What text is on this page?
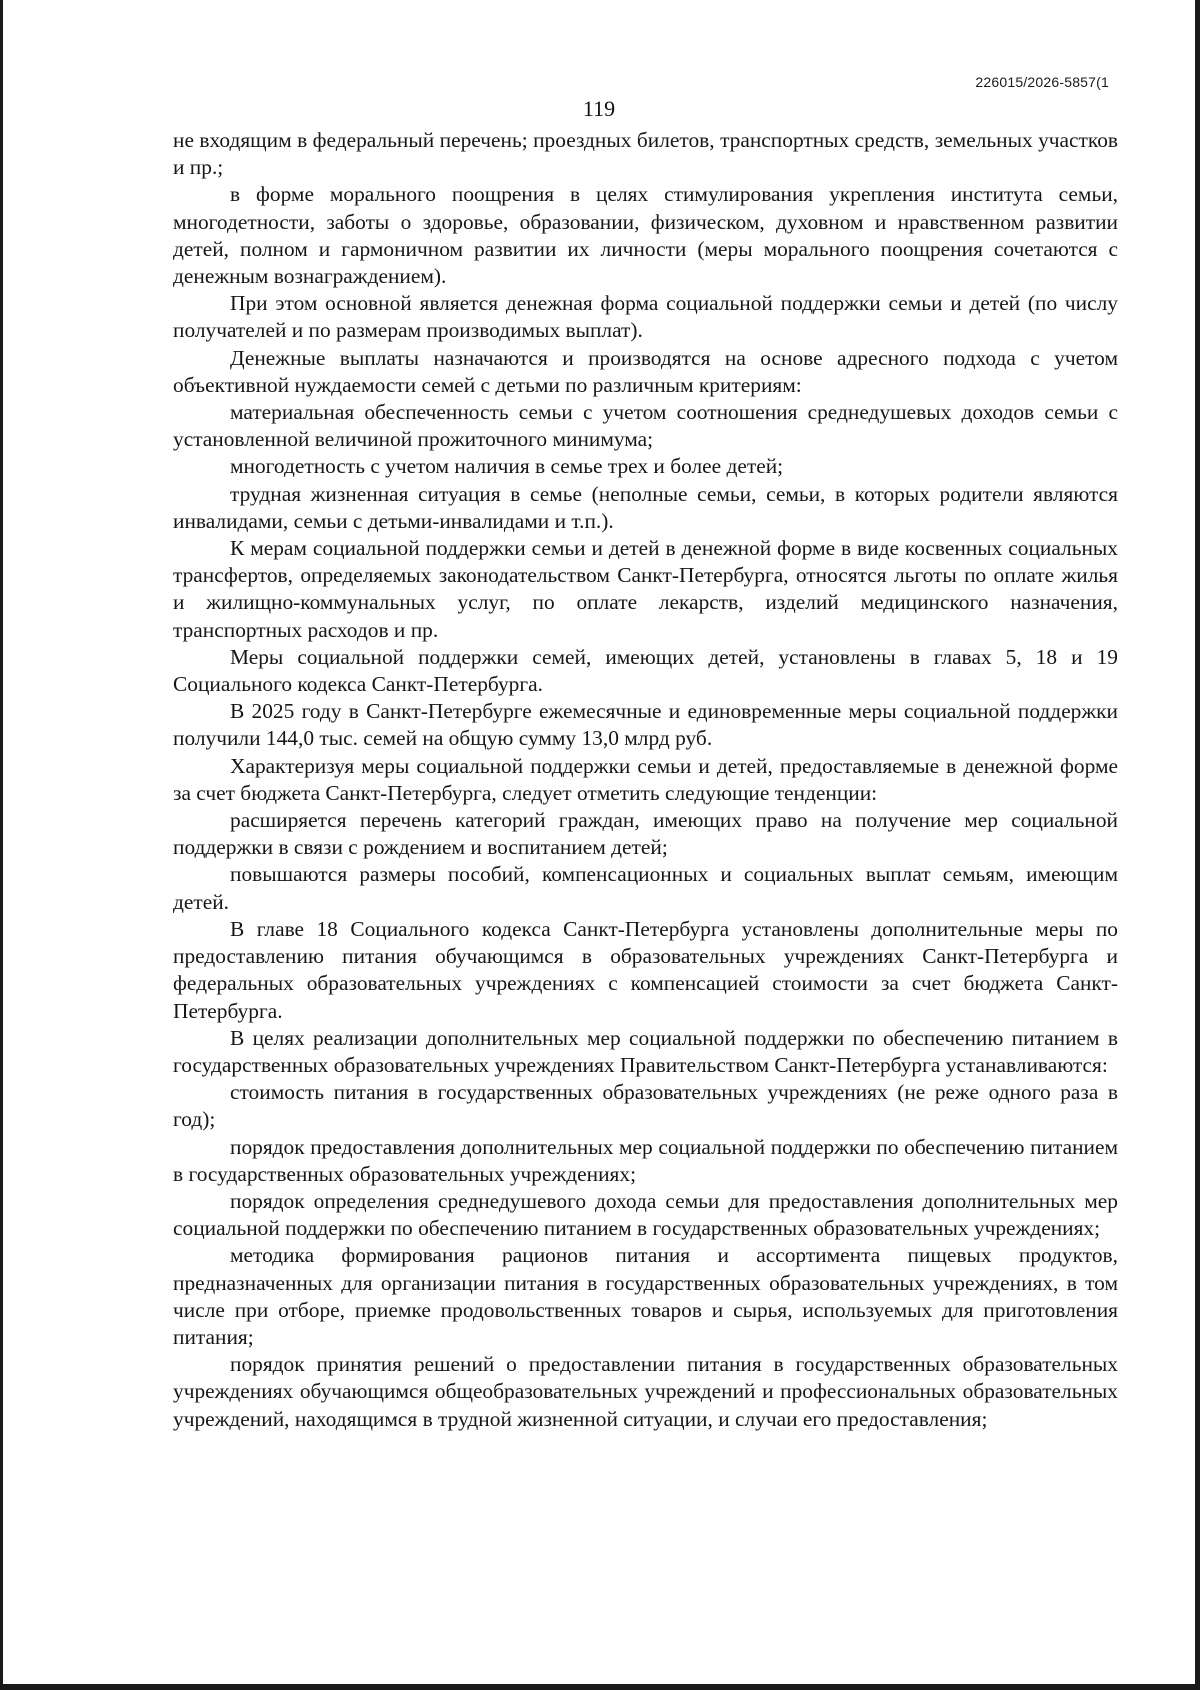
226015/2026-5857(1
119

не входящим в федеральный перечень; проездных билетов, транспортных средств, земельных участков и пр.;

в форме морального поощрения в целях стимулирования укрепления института семьи, многодетности, заботы о здоровье, образовании, физическом, духовном и нравственном развитии детей, полном и гармоничном развитии их личности (меры морального поощрения сочетаются с денежным вознаграждением).

При этом основной является денежная форма социальной поддержки семьи и детей (по числу получателей и по размерам производимых выплат).

Денежные выплаты назначаются и производятся на основе адресного подхода с учетом объективной нуждаемости семей с детьми по различным критериям:

материальная обеспеченность семьи с учетом соотношения среднедушевых доходов семьи с установленной величиной прожиточного минимума;

многодетность с учетом наличия в семье трех и более детей;

трудная жизненная ситуация в семье (неполные семьи, семьи, в которых родители являются инвалидами, семьи с детьми-инвалидами и т.п.).

К мерам социальной поддержки семьи и детей в денежной форме в виде косвенных социальных трансфертов, определяемых законодательством Санкт-Петербурга, относятся льготы по оплате жилья и жилищно-коммунальных услуг, по оплате лекарств, изделий медицинского назначения, транспортных расходов и пр.

Меры социальной поддержки семей, имеющих детей, установлены в главах 5, 18 и 19 Социального кодекса Санкт-Петербурга.

В 2025 году в Санкт-Петербурге ежемесячные и единовременные меры социальной поддержки получили 144,0 тыс. семей на общую сумму 13,0 млрд руб.

Характеризуя меры социальной поддержки семьи и детей, предоставляемые в денежной форме за счет бюджета Санкт-Петербурга, следует отметить следующие тенденции:

расширяется перечень категорий граждан, имеющих право на получение мер социальной поддержки в связи с рождением и воспитанием детей;

повышаются размеры пособий, компенсационных и социальных выплат семьям, имеющим детей.

В главе 18 Социального кодекса Санкт-Петербурга установлены дополнительные меры по предоставлению питания обучающимся в образовательных учреждениях Санкт-Петербурга и федеральных образовательных учреждениях с компенсацией стоимости за счет бюджета Санкт-Петербурга.

В целях реализации дополнительных мер социальной поддержки по обеспечению питанием в государственных образовательных учреждениях Правительством Санкт-Петербурга устанавливаются:

стоимость питания в государственных образовательных учреждениях (не реже одного раза в год);

порядок предоставления дополнительных мер социальной поддержки по обеспечению питанием в государственных образовательных учреждениях;

порядок определения среднедушевого дохода семьи для предоставления дополнительных мер социальной поддержки по обеспечению питанием в государственных образовательных учреждениях;

методика формирования рационов питания и ассортимента пищевых продуктов, предназначенных для организации питания в государственных образовательных учреждениях, в том числе при отборе, приемке продовольственных товаров и сырья, используемых для приготовления питания;

порядок принятия решений о предоставлении питания в государственных образовательных учреждениях обучающимся общеобразовательных учреждений и профессиональных образовательных учреждений, находящимся в трудной жизненной ситуации, и случаи его предоставления;
